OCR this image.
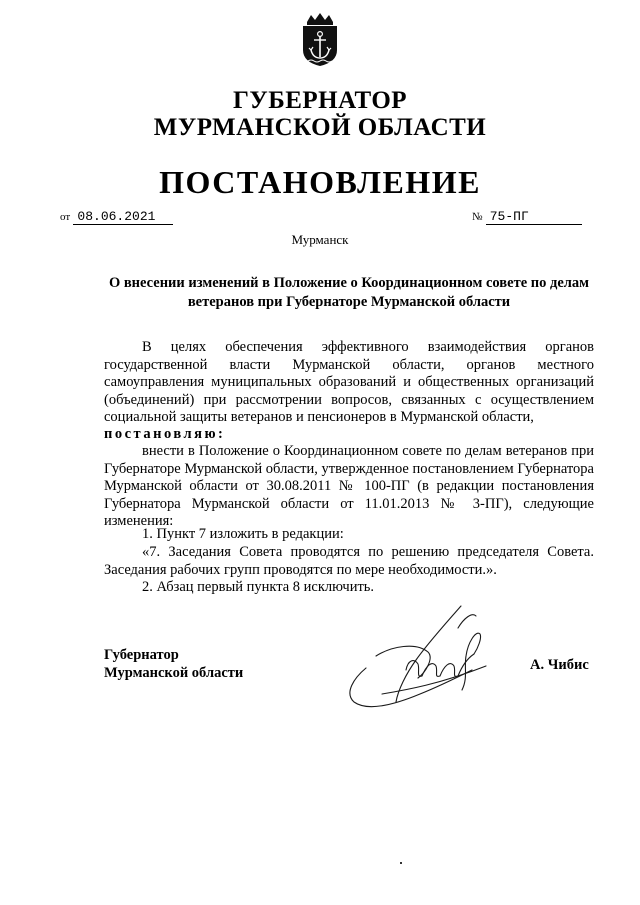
ГУБЕРНАТОР
МУРМАНСКОЙ ОБЛАСТИ
ПОСТАНОВЛЕНИЕ
от 08.06.2021	№ 75-ПГ
Мурманск
О внесении изменений в Положение о Координационном совете по делам ветеранов при Губернаторе Мурманской области
В целях обеспечения эффективного взаимодействия органов государственной власти Мурманской области, органов местного самоуправления муниципальных образований и общественных организаций (объединений) при рассмотрении вопросов, связанных с осуществлением социальной защиты ветеранов и пенсионеров в Мурманской области,
постановляю:
внести в Положение о Координационном совете по делам ветеранов при Губернаторе Мурманской области, утвержденное постановлением Губернатора Мурманской области от 30.08.2011 № 100-ПГ (в редакции постановления Губернатора Мурманской области от 11.01.2013 № 3-ПГ), следующие изменения:
1. Пункт 7 изложить в редакции:
«7. Заседания Совета проводятся по решению председателя Совета. Заседания рабочих групп проводятся по мере необходимости.».
2. Абзац первый пункта 8 исключить.
Губернатор
Мурманской области	А. Чибис
